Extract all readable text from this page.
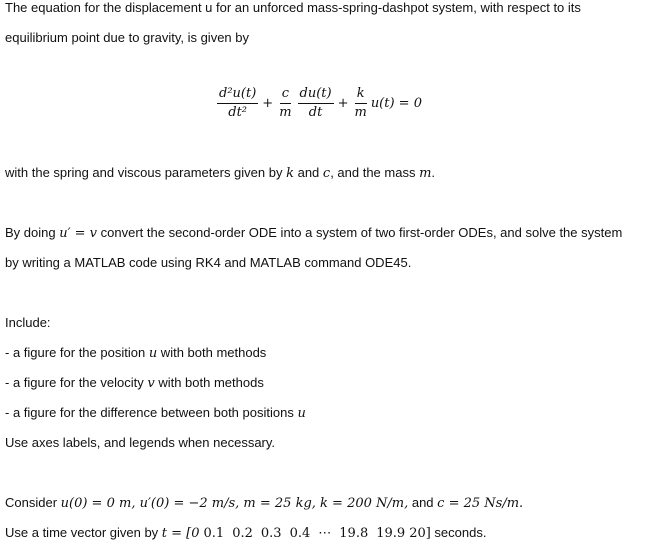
The equation for the displacement u for an unforced mass-spring-dashpot system, with respect to its
equilibrium point due to gravity, is given by
$\frac{\text{d²u(t)}}{\text{dt²}} + \frac{c}{m} \frac{du(t)}{dt} + \frac{k}{m} u(t) = 0$
with the spring and viscous parameters given by k and c, and the mass m.
By doing u′ = v convert the second-order ODE into a system of two first-order ODEs, and solve the system
by writing a MATLAB code using RK4 and MATLAB command ODE45.
Include:
- a figure for the position u with both methods
- a figure for the velocity v with both methods
- a figure for the difference between both positions u
Use axes labels, and legends when necessary.
Consider u(0) = 0 m, u′(0) = −2 m/s, m = 25 kg, k = 200 N/m, and c = 25 Ns/m.
Use a time vector given by t = [0 0.1 0.2 0.3 0.4 ⋯ 19.8 19.9 20] seconds.
